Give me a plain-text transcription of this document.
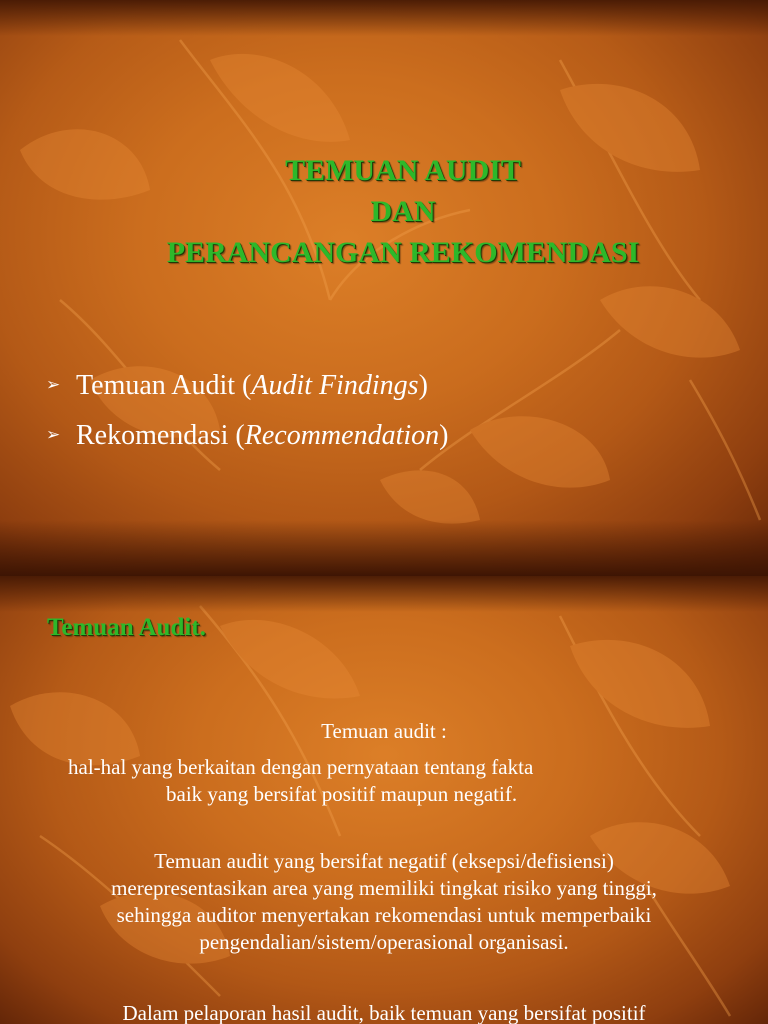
TEMUAN AUDIT
DAN
PERANCANGAN REKOMENDASI
➢ Temuan Audit (Audit Findings)
➢ Rekomendasi (Recommendation)
Temuan Audit.
Temuan audit :
hal-hal yang berkaitan dengan pernyataan tentang fakta
baik yang bersifat positif maupun negatif.
Temuan audit yang bersifat negatif (eksepsi/defisiensi)
merepresentasikan area yang memiliki tingkat risiko yang tinggi,
sehingga auditor menyertakan rekomendasi untuk memperbaiki
pengendalian/sistem/operasional organisasi.
Dalam pelaporan hasil audit, baik temuan yang bersifat positif
